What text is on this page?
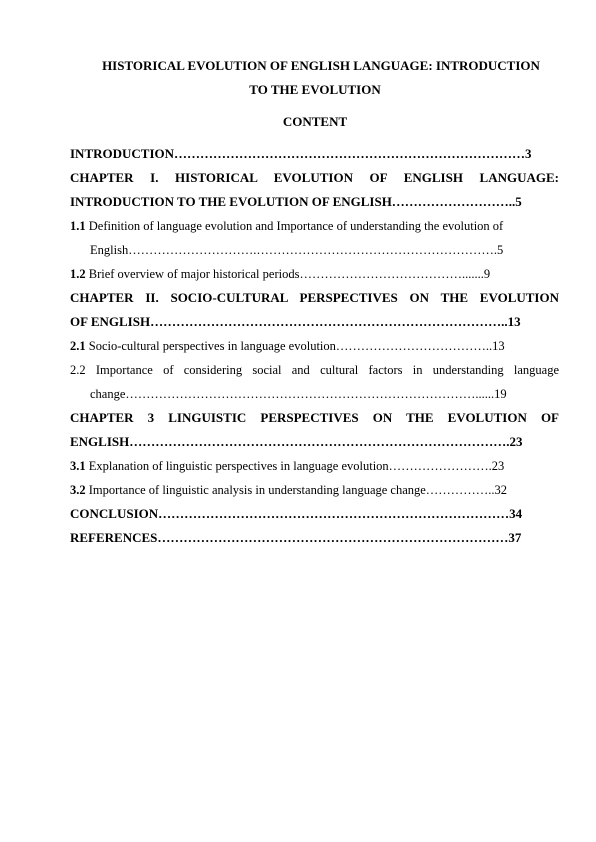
HISTORICAL EVOLUTION OF ENGLISH LANGUAGE: INTRODUCTION
TO THE EVOLUTION
CONTENT
INTRODUCTION………………………………………………………………………3
CHAPTER I. HISTORICAL EVOLUTION OF ENGLISH LANGUAGE:
INTRODUCTION TO THE EVOLUTION OF ENGLISH………………………..5
1.1 Definition of language evolution and Importance of understanding the evolution of
English………………………….………………………………………………….5
1.2 Brief overview of major historical periods………………………………….......9
CHAPTER II. SOCIO-CULTURAL PERSPECTIVES ON THE EVOLUTION
OF ENGLISH………………………………………………………………………..13
2.1 Socio-cultural perspectives in language evolution………………………………..13
2.2 Importance of considering social and cultural factors in understanding language
change…………………………………………………………………………......19
CHAPTER 3 LINGUISTIC PERSPECTIVES ON THE EVOLUTION OF
ENGLISH…………………………………………………………………………….23
3.1 Explanation of linguistic perspectives in language evolution…………………….23
3.2 Importance of linguistic analysis in understanding language change……………..32
CONCLUSION………………………………………………………………………34
REFERENCES………………………………………………………………………37
